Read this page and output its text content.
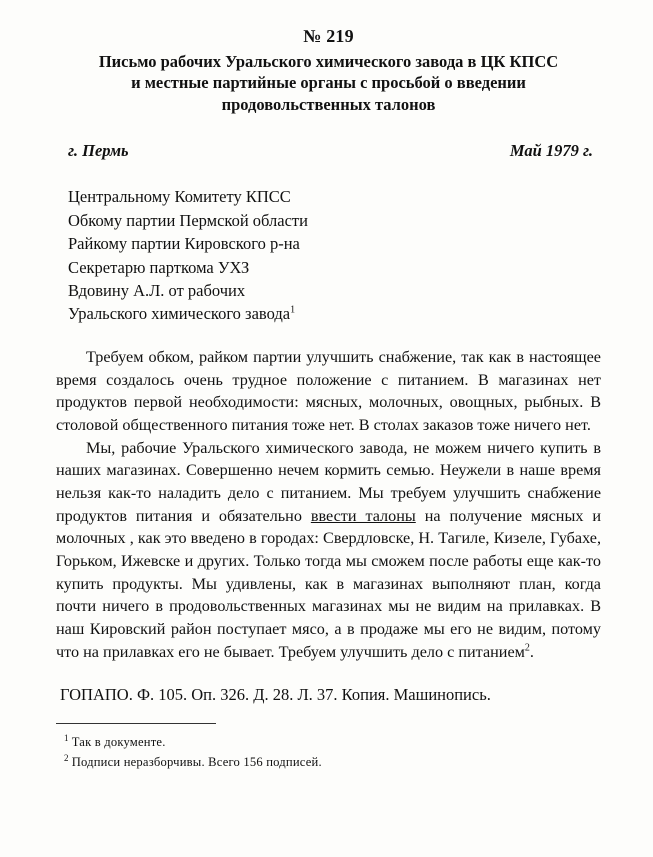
№ 219
Письмо рабочих Уральского химического завода в ЦК КПСС
и местные партийные органы с просьбой о введении
продовольственных талонов
г. Пермь	Май 1979 г.
Центральному Комитету КПСС
Обкому партии Пермской области
Райкому партии Кировского р-на
Секретарю парткома УХЗ
Вдовину А.Л. от рабочих
Уральского химического завода$^1$

Требуем обком, райком партии улучшить снабжение, так как в настоящее время создалось очень трудное положение с питанием. В магазинах нет продуктов первой необходимости: мясных, молочных, овощных, рыбных. В столовой общественного питания тоже нет. В столах заказов тоже ничего нет.

Мы, рабочие Уральского химического завода, не можем ничего купить в наших магазинах. Совершенно нечем кормить семью. Неужели в наше время нельзя как-то наладить дело с питанием. Мы требуем улучшить снабжение продуктов питания и обязательно ввести талоны на получение мясных и молочных , как это введено в городах: Свердловске, Н. Тагиле, Кизеле, Губахе, Горьком, Ижевске и других. Только тогда мы сможем после работы еще как-то купить продукты. Мы удивлены, как в магазинах выполняют план, когда почти ничего в продовольственных магазинах мы не видим на прилавках. В наш Кировский район поступает мясо, а в продаже мы его не видим, потому что на прилавках его не бывает. Требуем улучшить дело с питанием$^2$.

ГОПАПО. Ф. 105. Оп. 326. Д. 28. Л. 37. Копия. Машинопись.
$^1$ Так в документе.
$^2$ Подписи неразборчивы. Всего 156 подписей.
